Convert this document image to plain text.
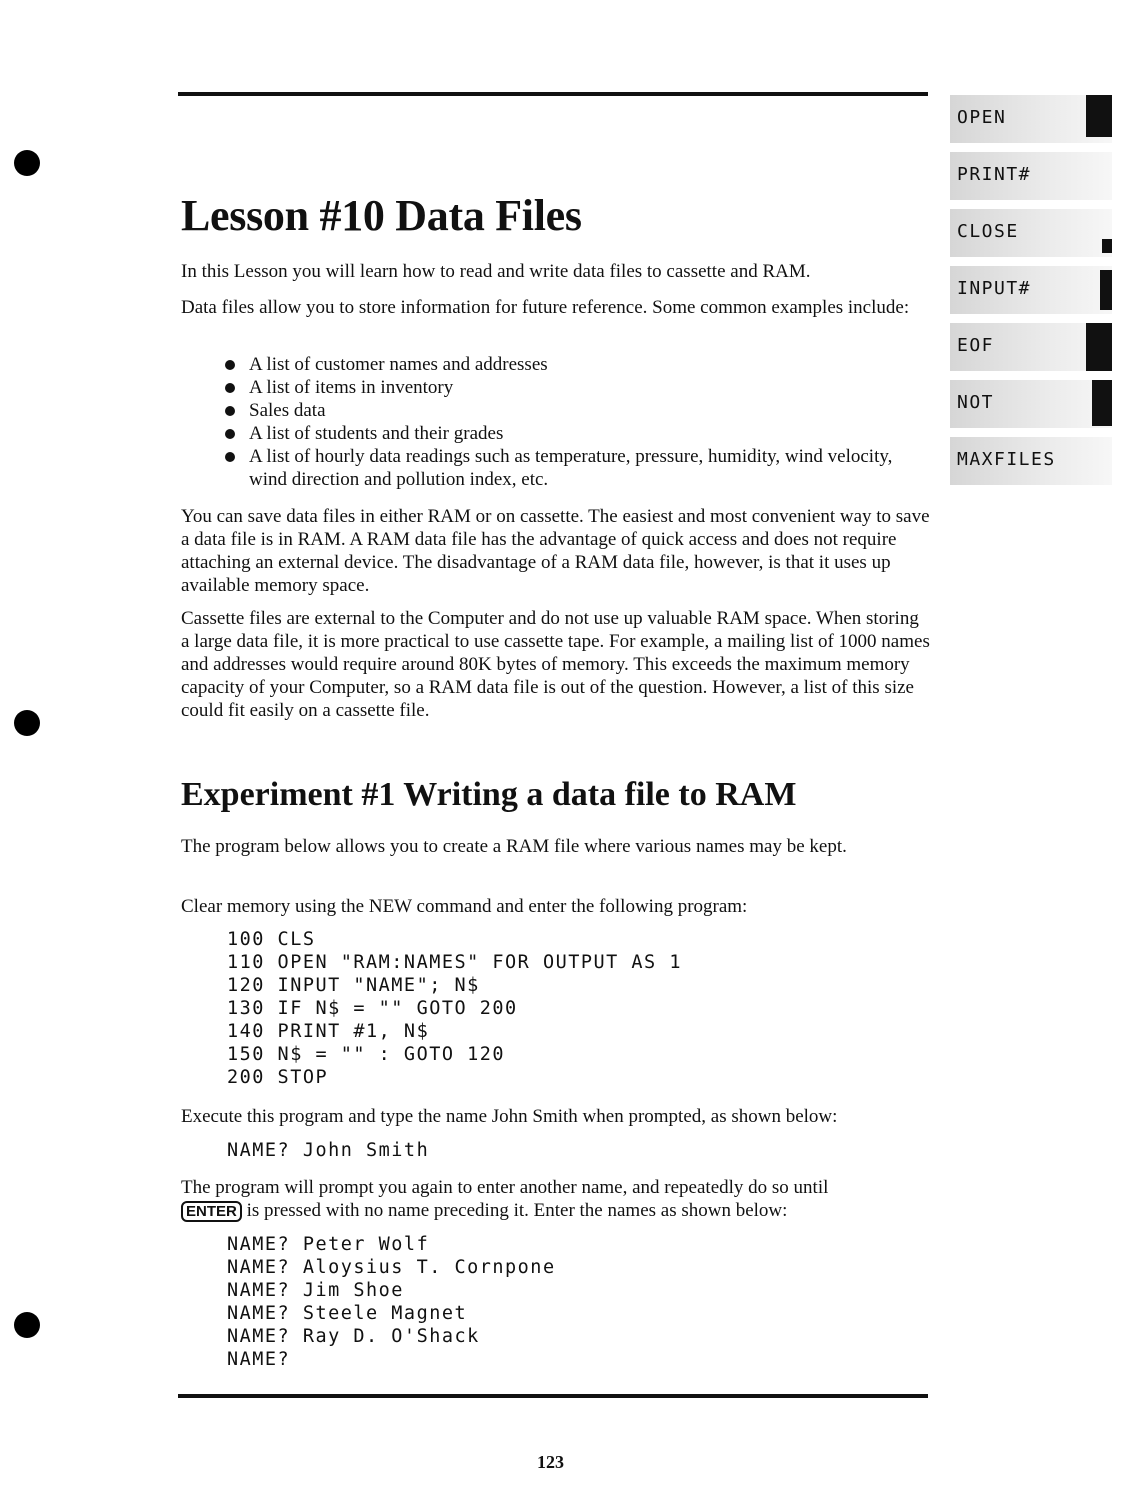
Lesson #10 Data Files

In this Lesson you will learn how to read and write data files to cassette and RAM.

Data files allow you to store information for future reference. Some common examples include:

A list of customer names and addresses
A list of items in inventory
Sales data
A list of students and their grades
A list of hourly data readings such as temperature, pressure, humidity, wind velocity, wind direction and pollution index, etc.

You can save data files in either RAM or on cassette. The easiest and most convenient way to save a data file is in RAM. A RAM data file has the advantage of quick access and does not require attaching an external device. The disadvantage of a RAM data file, however, is that it uses up available memory space.

Cassette files are external to the Computer and do not use up valuable RAM space. When storing a large data file, it is more practical to use cassette tape. For example, a mailing list of 1000 names and addresses would require around 80K bytes of memory. This exceeds the maximum memory capacity of your Computer, so a RAM data file is out of the question. However, a list of this size could fit easily on a cassette file.

Experiment #1 Writing a data file to RAM

The program below allows you to create a RAM file where various names may be kept.

Clear memory using the NEW command and enter the following program:

100 CLS
110 OPEN "RAM:NAMES" FOR OUTPUT AS 1
120 INPUT "NAME"; N$
130 IF N$ = "" GOTO 200
140 PRINT #1, N$
150 N$ = "" : GOTO 120
200 STOP

Execute this program and type the name John Smith when prompted, as shown below:

NAME? John Smith

The program will prompt you again to enter another name, and repeatedly do so until
ENTER is pressed with no name preceding it. Enter the names as shown below:

NAME? Peter Wolf
NAME? Aloysius T. Cornpone
NAME? Jim Shoe
NAME? Steele Magnet
NAME? Ray D. O'Shack
NAME?
123
OPEN
PRINT#
CLOSE
INPUT#
EOF
NOT
MAXFILES
